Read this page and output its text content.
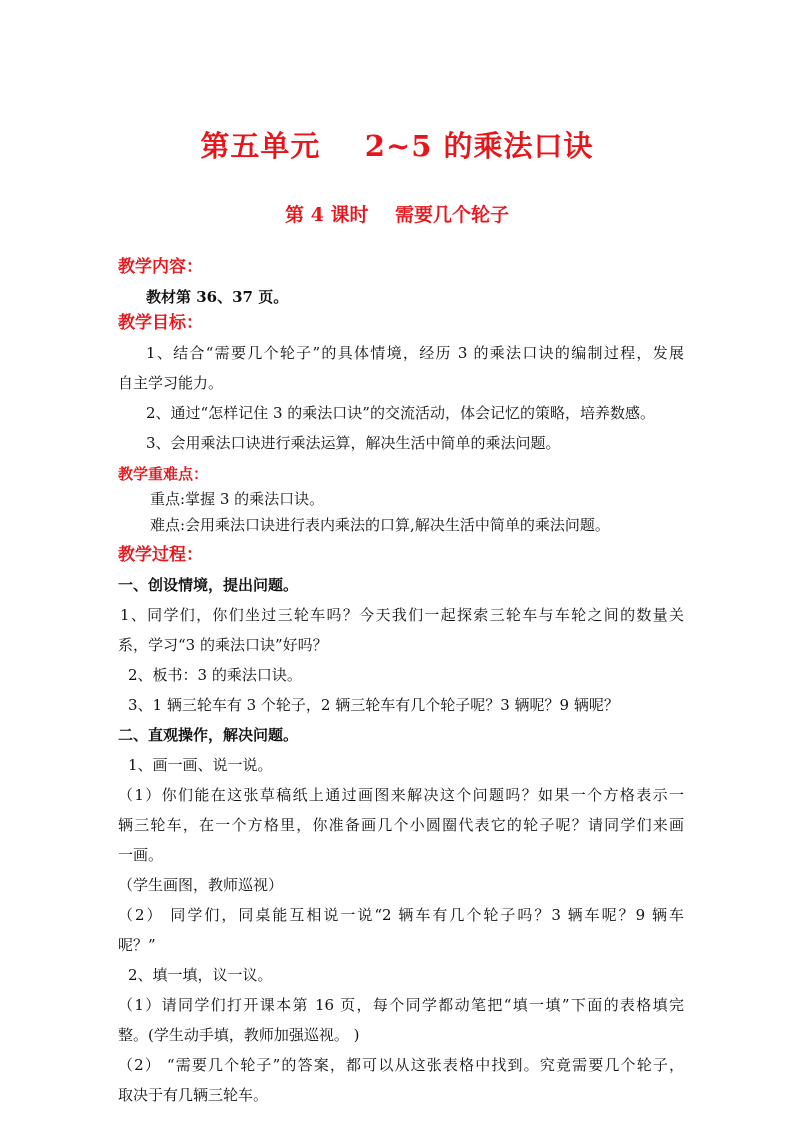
第五单元    2~5 的乘法口诀
第 4 课时    需要几个轮子
教学内容：
教材第 36、37 页。
教学目标：
1、结合“需要几个轮子”的具体情境，经历 3 的乘法口诀的编制过程，发展
自主学习能力。
2、通过“怎样记住 3 的乘法口诀”的交流活动，体会记忆的策略，培养数感。
3、会用乘法口诀进行乘法运算，解决生活中简单的乘法问题。
教学重难点：
重点:掌握 3 的乘法口诀。
难点:会用乘法口诀进行表内乘法的口算,解决生活中简单的乘法问题。
教学过程：
一、创设情境，提出问题。
1、同学们，你们坐过三轮车吗？今天我们一起探索三轮车与车轮之间的数量关
系，学习“3 的乘法口诀”好吗？
2、板书：3 的乘法口诀。
3、1 辆三轮车有 3 个轮子，2 辆三轮车有几个轮子呢？3 辆呢？9 辆呢？
二、直观操作，解决问题。
1、画一画、说一说。
（1）你们能在这张草稿纸上通过画图来解决这个问题吗？如果一个方格表示一
辆三轮车，在一个方格里，你准备画几个小圆圈代表它的轮子呢？请同学们来画
一画。
（学生画图，教师巡视）
（2） 同学们，同桌能互相说一说“2 辆车有几个轮子吗？3 辆车呢？9 辆车
呢？”
2、填一填，议一议。
（1）请同学们打开课本第 16 页，每个同学都动笔把“填一填”下面的表格填完
整。(学生动手填，教师加强巡视。 )
（2） “需要几个轮子”的答案，都可以从这张表格中找到。究竟需要几个轮子，
取决于有几辆三轮车。
